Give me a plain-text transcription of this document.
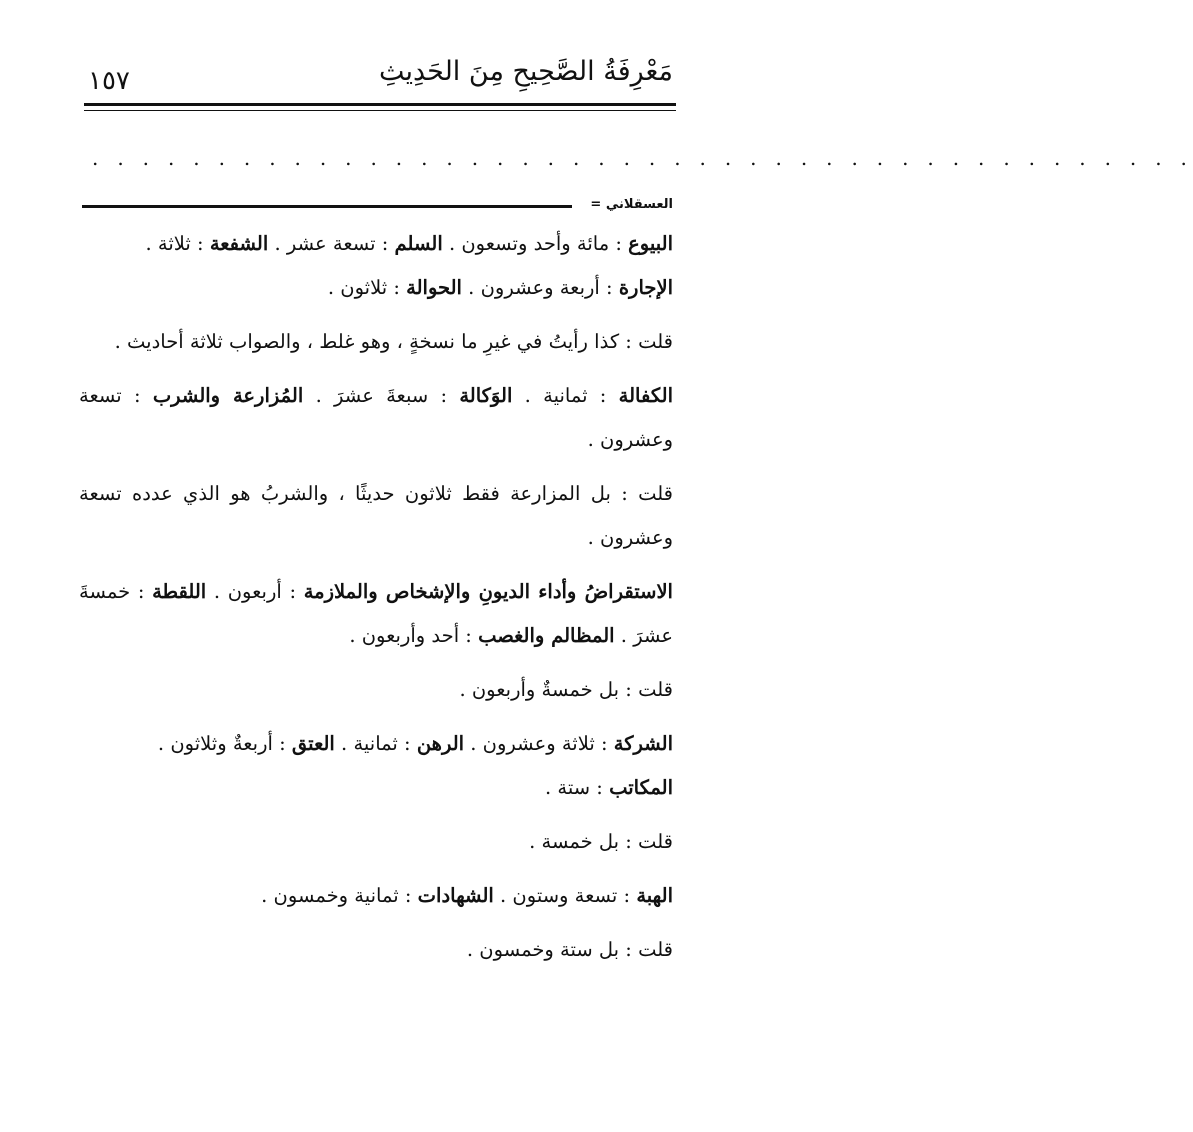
١٥٧	مَعْرِفَةُ الصَّحِيحِ مِنَ الحَدِيثِ
. . . . . . . . . . . . . . . . . . . . . . . . . . . . . . . . . . . . . . . . . . . .
العسقلاني =

البيوع : مائة وأحد وتسعون . السلم : تسعة عشر . الشفعة : ثلاثة .
الإجارة : أربعة وعشرون . الحوالة : ثلاثون .

قلت : كذا رأيتُ في غيرِ ما نسخةٍ ، وهو غلط ، والصواب ثلاثة أحاديث .

الكفالة : ثمانية . الوَكالة : سبعةَ عشرَ . المُزارعة والشرب : تسعة وعشرون .

قلت : بل المزارعة فقط ثلاثون حديثًا ، والشربُ هو الذي عدده تسعة وعشرون .

الاستقراضُ وأداء الديونِ والإشخاص والملازمة : أربعون . اللقطة : خمسةَ عشرَ . المظالم والغصب : أحد وأربعون .

قلت : بل خمسةٌ وأربعون .

الشركة : ثلاثة وعشرون . الرهن : ثمانية . العتق : أربعةٌ وثلاثون .
المكاتب : ستة .

قلت : بل خمسة .

الهبة : تسعة وستون . الشهادات : ثمانية وخمسون .

قلت : بل ستة وخمسون .
